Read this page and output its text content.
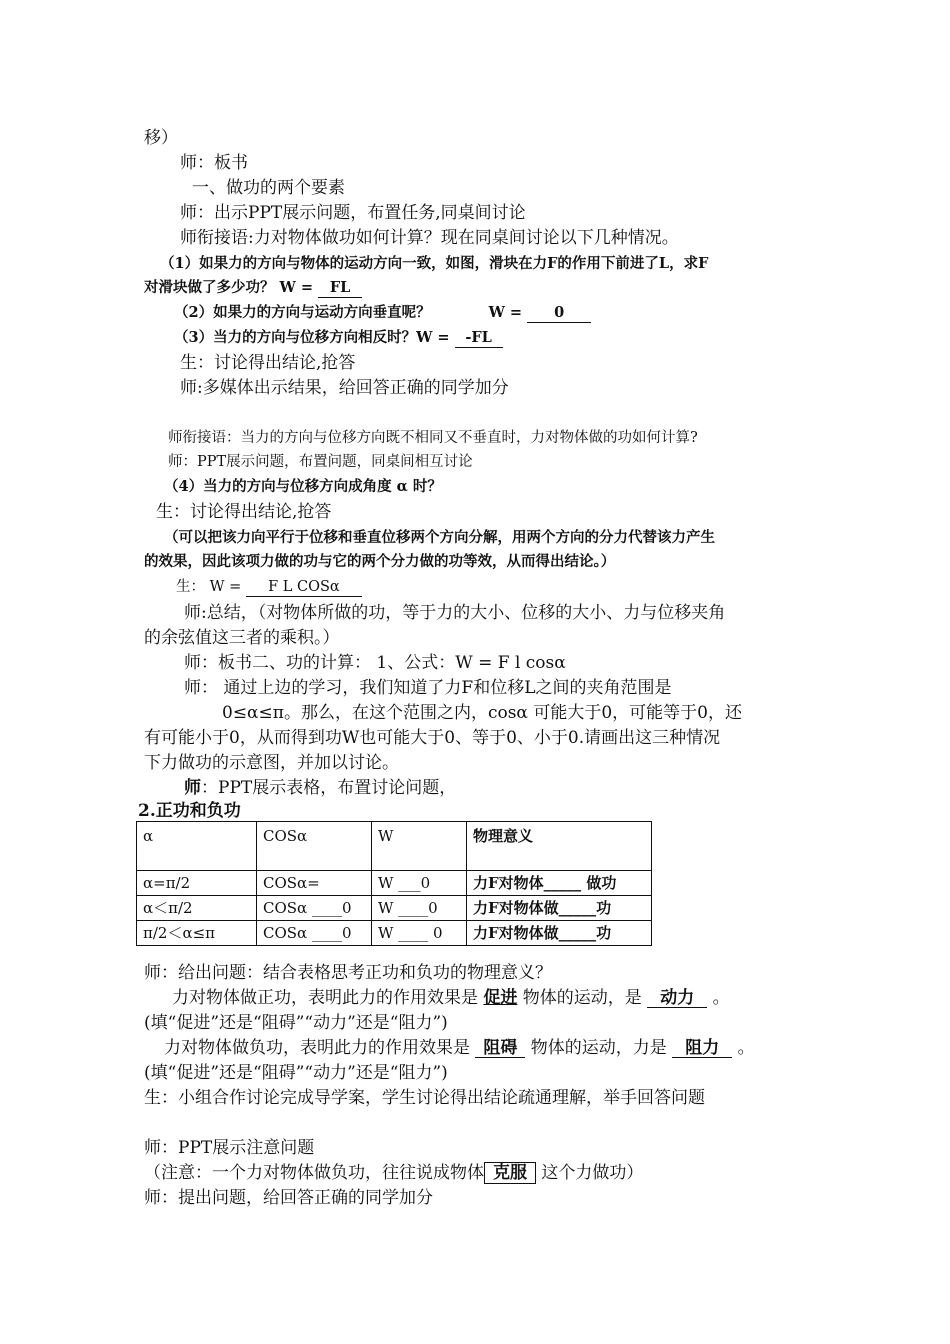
移）
师：板书
一、做功的两个要素
师：出示PPT展示问题，布置任务,同桌间讨论
师衔接语:力对物体做功如何计算？现在同桌间讨论以下几种情况。
（1）如果力的方向与物体的运动方向一致，如图，滑块在力F的作用下前进了L，求F
对滑块做了多少功？ W = FL
（2）如果力的方向与运动方向垂直呢？	W = 0
（3）当力的方向与位移方向相反时？W = -FL
生：讨论得出结论,抢答
师:多媒体出示结果，给回答正确的同学加分
师衔接语：当力的方向与位移方向既不相同又不垂直时，力对物体做的功如何计算?
师：PPT展示问题，布置问题，同桌间相互讨论
（4）当力的方向与位移方向成角度 α 时？
生：讨论得出结论,抢答
（可以把该力向平行于位移和垂直位移两个方向分解，用两个方向的分力代替该力产生
的效果，因此该项力做的功与它的两个分力做的功等效，从而得出结论。）
生： W = F L COSα
师:总结，（对物体所做的功，等于力的大小、位移的大小、力与位移夹角
的余弦值这三者的乘积。）
师：板书二、功的计算： 1、公式：W = F l cosα
师： 通过上边的学习，我们知道了力F和位移L之间的夹角范围是
0≤α≤π。那么，在这个范围之内，cosα 可能大于0，可能等于0，还
有可能小于0，从而得到功W也可能大于0、等于0、小于0.请画出这三种情况
下力做功的示意图，并加以讨论。
师：PPT展示表格，布置讨论问题，
2.正功和负功
α	COSα	W	物理意义
α=π/2	COSα=	W ___0	力F对物体_____ 做功
α＜π/2	COSα ____0	W ____0	力F对物体做_____功
π/2＜α≤π	COSα ____0	W ____ 0	力F对物体做_____功
师：给出问题：结合表格思考正功和负功的物理意义？
力对物体做正功，表明此力的作用效果是 促进 物体的运动，是 动力 。
(填“促进”还是“阻碍”“动力”还是“阻力”)
力对物体做负功，表明此力的作用效果是 阻碍 物体的运动，力是 阻力 。
(填“促进”还是“阻碍”“动力”还是“阻力”)
生：小组合作讨论完成导学案，学生讨论得出结论疏通理解，举手回答问题
师：PPT展示注意问题
（注意：一个力对物体做负功，往往说成物体 克服 这个力做功）
师：提出问题，给回答正确的同学加分
